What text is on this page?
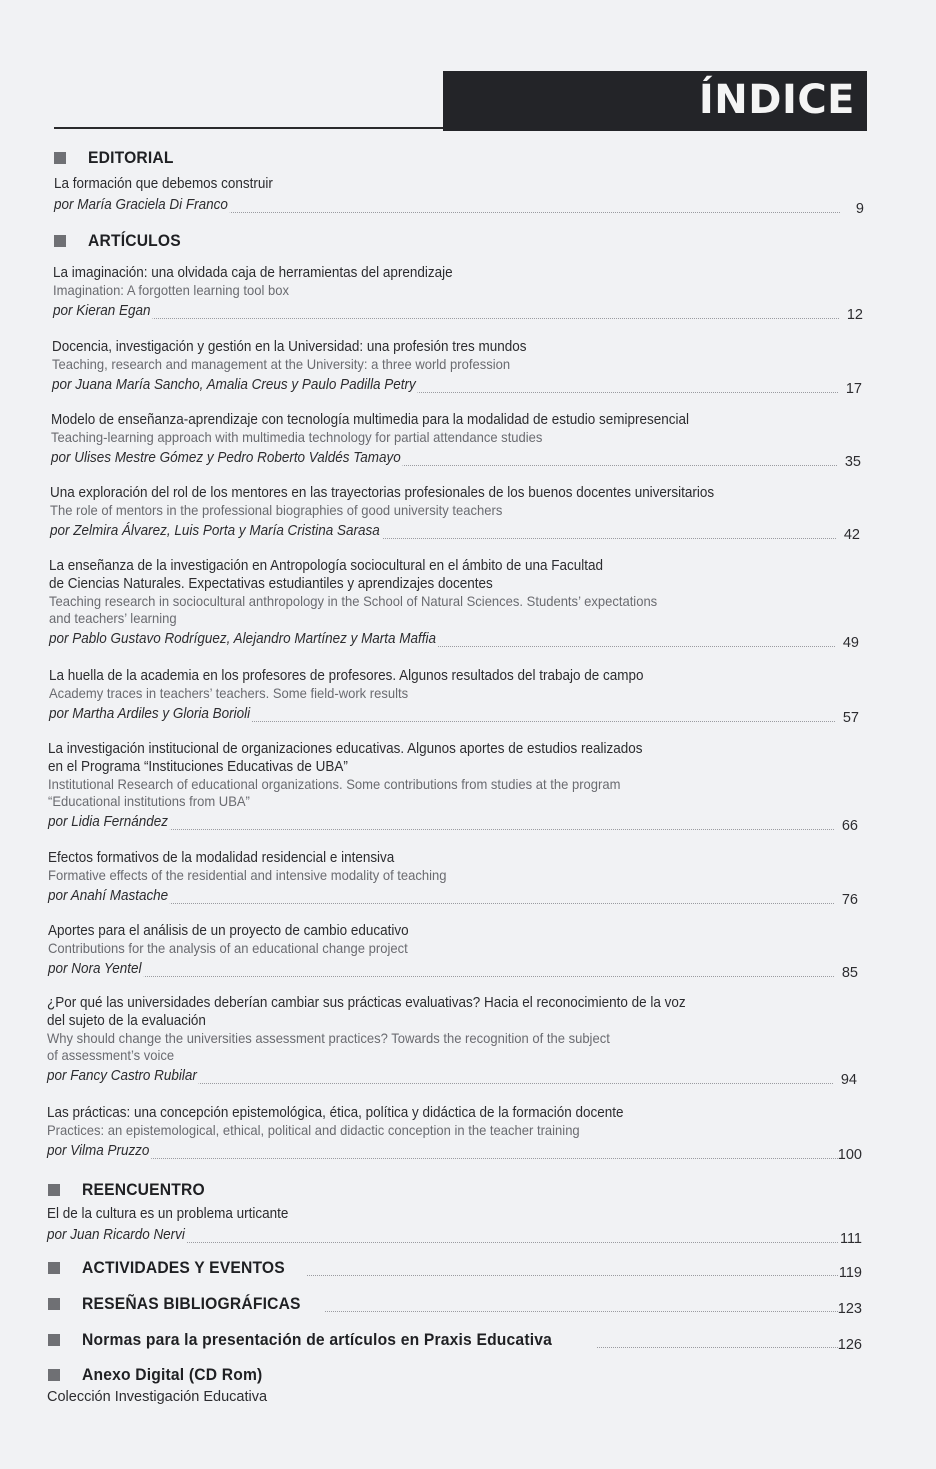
ÍNDICE
EDITORIAL
La formación que debemos construir
por María Graciela Di Franco	9
ARTÍCULOS
La imaginación: una olvidada caja de herramientas del aprendizaje
Imagination: A forgotten learning tool box
por Kieran Egan	12
Docencia, investigación y gestión en la Universidad: una profesión tres mundos
Teaching, research and management at the University: a three world profession
por Juana María Sancho, Amalia Creus y Paulo Padilla Petry	17
Modelo de enseñanza-aprendizaje con tecnología multimedia para la modalidad de estudio semipresencial
Teaching-learning approach with multimedia technology for partial attendance studies
por Ulises Mestre Gómez y Pedro Roberto Valdés Tamayo	35
Una exploración del rol de los mentores en las trayectorias profesionales de los buenos docentes universitarios
The role of mentors in the professional biographies of good university teachers
por Zelmira Álvarez, Luis Porta y María Cristina Sarasa	42
La enseñanza de la investigación en Antropología sociocultural en el ámbito de una Facultad
de Ciencias Naturales. Expectativas estudiantiles y aprendizajes docentes
Teaching research in sociocultural anthropology in the School of Natural Sciences. Students’ expectations
and teachers’ learning
por Pablo Gustavo Rodríguez, Alejandro Martínez y Marta Maffia	49
La huella de la academia en los profesores de profesores. Algunos resultados del trabajo de campo
Academy traces in teachers’ teachers. Some field-work results
por Martha Ardiles y Gloria Borioli	57
La investigación institucional de organizaciones educativas. Algunos aportes de estudios realizados
en el Programa “Instituciones Educativas de UBA”
Institutional Research of educational organizations. Some contributions from studies at the program
“Educational institutions from UBA”
por Lidia Fernández	66
Efectos formativos de la modalidad residencial e intensiva
Formative effects of the residential and intensive modality of teaching
por Anahí Mastache	76
Aportes para el análisis de un proyecto de cambio educativo
Contributions for the analysis of an educational change project
por Nora Yentel	85
¿Por qué las universidades deberían cambiar sus prácticas evaluativas? Hacia el reconocimiento de la voz
del sujeto de la evaluación
Why should change the universities assessment practices? Towards the recognition of the subject
of assessment’s voice
por Fancy Castro Rubilar	94
Las prácticas: una concepción epistemológica, ética, política y didáctica de la formación docente
Practices: an epistemological, ethical, political and didactic conception in the teacher training
por Vilma Pruzzo	100
REENCUENTRO
El de la cultura es un problema urticante
por Juan Ricardo Nervi	111
ACTIVIDADES Y EVENTOS	119
RESEÑAS BIBLIOGRÁFICAS	123
Normas para la presentación de artículos en Praxis Educativa	126
Anexo Digital (CD Rom)
Colección Investigación Educativa
